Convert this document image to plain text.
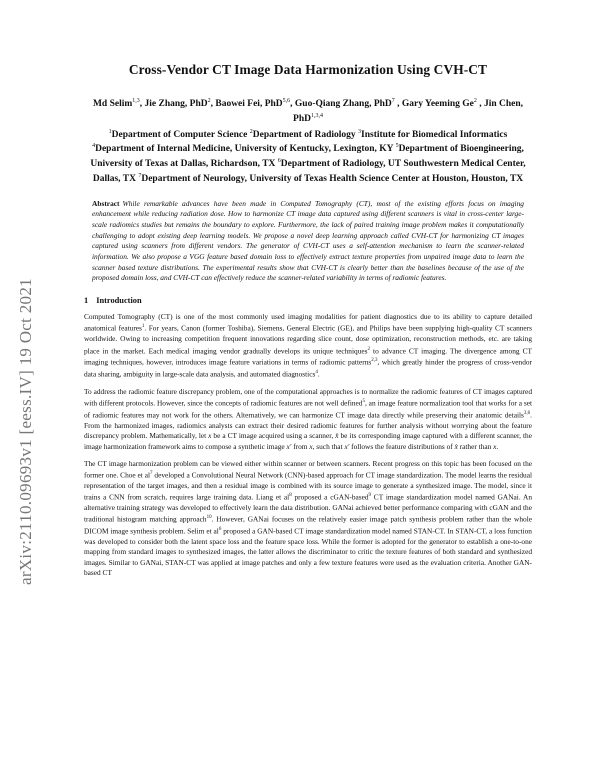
arXiv:2110.09693v1 [eess.IV] 19 Oct 2021
Cross-Vendor CT Image Data Harmonization Using CVH-CT
Md Selim$^{1,3}$, Jie Zhang, PhD$^2$, Baowei Fei, PhD$^{5,6}$, Guo-Qiang Zhang, PhD$^7$ , Gary Yeeming Ge$^2$ , Jin Chen, PhD$^{1,3,4}$
$^1$Department of Computer Science $^2$Department of Radiology $^3$Institute for Biomedical Informatics $^4$Department of Internal Medicine, University of Kentucky, Lexington, KY $^5$Department of Bioengineering, University of Texas at Dallas, Richardson, TX $^6$Department of Radiology, UT Southwestern Medical Center, Dallas, TX $^7$Department of Neurology, University of Texas Health Science Center at Houston, Houston, TX
Abstract While remarkable advances have been made in Computed Tomography (CT), most of the existing efforts focus on imaging enhancement while reducing radiation dose. How to harmonize CT image data captured using different scanners is vital in cross-center large-scale radiomics studies but remains the boundary to explore. Furthermore, the lack of paired training image problem makes it computationally challenging to adopt existing deep learning models. We propose a novel deep learning approach called CVH-CT for harmonizing CT images captured using scanners from different vendors. The generator of CVH-CT uses a self-attention mechanism to learn the scanner-related information. We also propose a VGG feature based domain loss to effectively extract texture properties from unpaired image data to learn the scanner based texture distributions. The experimental results show that CVH-CT is clearly better than the baselines because of the use of the proposed domain loss, and CVH-CT can effectively reduce the scanner-related variability in terms of radiomic features.
1 Introduction
Computed Tomography (CT) is one of the most commonly used imaging modalities for patient diagnostics due to its ability to capture detailed anatomical features$^1$. For years, Canon (former Toshiba), Siemens, General Electric (GE), and Philips have been supplying high-quality CT scanners worldwide. Owing to increasing competition frequent innovations regarding slice count, dose optimization, reconstruction methods, etc. are taking place in the market. Each medical imaging vendor gradually develops its unique techniques$^2$ to advance CT imaging. The divergence among CT imaging techniques, however, introduces image feature variations in terms of radiomic patterns$^{2,3}$, which greatly hinder the progress of cross-vendor data sharing, ambiguity in large-scale data analysis, and automated diagnostics$^4$.
To address the radiomic feature discrepancy problem, one of the computational approaches is to normalize the radiomic features of CT images captured with different protocols. However, since the concepts of radiomic features are not well defined$^5$, an image feature normalization tool that works for a set of radiomic features may not work for the others. Alternatively, we can harmonize CT image data directly while preserving their anatomic details$^{3,6}$. From the harmonized images, radiomics analysts can extract their desired radiomic features for further analysis without worrying about the feature discrepancy problem. Mathematically, let x be a CT image acquired using a scanner, x̂ be its corresponding image captured with a different scanner, the image harmonization framework aims to compose a synthetic image x′ from x, such that x′ follows the feature distributions of x̂ rather than x.
The CT image harmonization problem can be viewed either within scanner or between scanners. Recent progress on this topic has been focused on the former one. Choe et $al^7$ developed a Convolutional Neural Network (CNN)-based approach for CT image standardization. The model learns the residual representation of the target images, and then a residual image is combined with its source image to generate a synthesized image. The model, since it trains a CNN from scratch, requires large training data. Liang et $al^8$ proposed a cGAN-based$^9$ CT image standardization model named GANai. An alternative training strategy was developed to effectively learn the data distribution. GANai achieved better performance comparing with cGAN and the traditional histogram matching approach$^{10}$. However, GANai focuses on the relatively easier image patch synthesis problem rather than the whole DICOM image synthesis problem. Selim et $al^6$ proposed a GAN-based CT image standardization model named STAN-CT. In STAN-CT, a loss function was developed to consider both the latent space loss and the feature space loss. While the former is adopted for the generator to establish a one-to-one mapping from standard images to synthesized images, the latter allows the discriminator to critic the texture features of both standard and synthesized images. Similar to GANai, STAN-CT was applied at image patches and only a few texture features were used as the evaluation criteria. Another GAN-based CT
